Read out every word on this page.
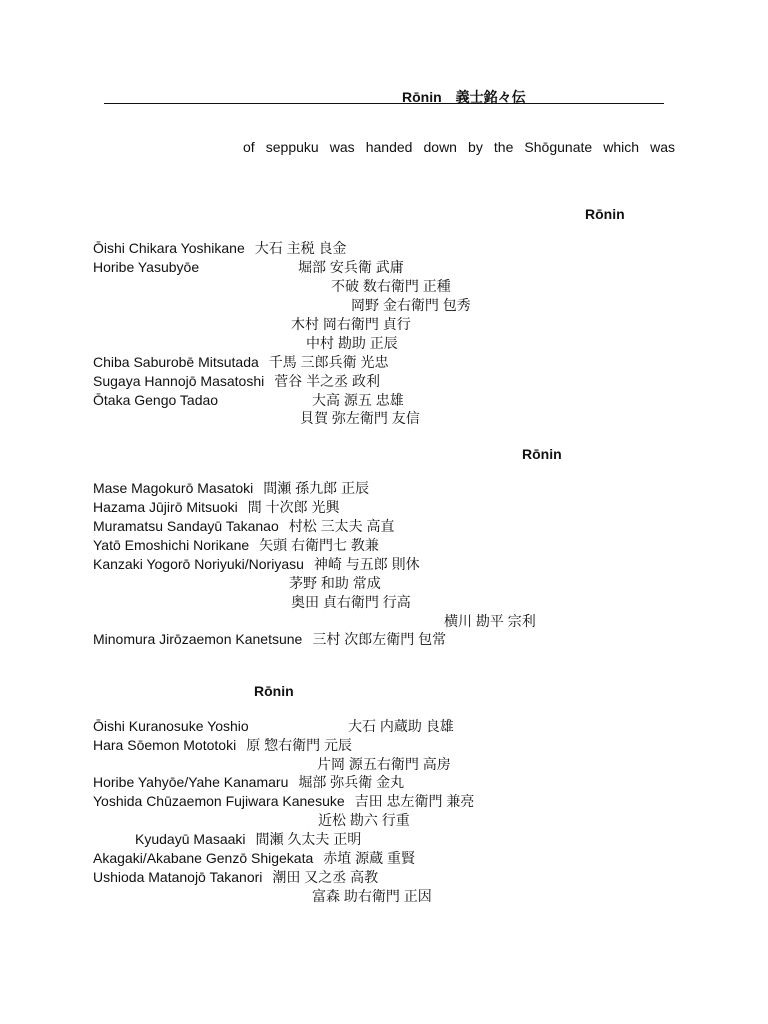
Rōnin 義士銘々伝
of seppuku was handed down by the Shōgunate which was
Rōnin
Ōishi Chikara Yoshikane 大石 主税 良金
Horibe Yasubyōe	堀部 安兵衛 武庸
不破 数右衛門 正種
岡野 金右衛門 包秀
木村 岡右衛門 貞行
中村 勘助 正辰
Chiba Saburobē Mitsutada 千馬 三郎兵衛 光忠
Sugaya Hannojō Masatoshi 菅谷 半之丞 政利
Ōtaka Gengo Tadao	大高 源五 忠雄
貝賀 弥左衛門 友信
Rōnin
Mase Magokurō Masatoki 間瀬 孫九郎 正辰
Hazama Jūjirō Mitsuoki 間 十次郎 光興
Muramatsu Sandayū Takanao 村松 三太夫 高直
Yatō Emoshichi Norikane 矢頭 右衛門七 教兼
Kanzaki Yogorō Noriyuki/Noriyasu 神崎 与五郎 則休
茅野 和助 常成
奥田 貞右衛門 行高
横川 勘平 宗利
Minomura Jirōzaemon Kanetsune 三村 次郎左衛門 包常
Rōnin
Ōishi Kuranosuke Yoshio	大石 内蔵助 良雄
Hara Sōemon Mototoki 原 惣右衛門 元辰
片岡 源五右衛門 高房
Horibe Yahyōe/Yahe Kanamaru 堀部 弥兵衛 金丸
Yoshida Chūzaemon Fujiwara Kanesuke 吉田 忠左衛門 兼亮
近松 勘六 行重
Kyudayū Masaaki 間瀬 久太夫 正明
Akagaki/Akabane Genzō Shigekata 赤埴 源蔵 重賢
Ushioda Matanojō Takanori 潮田 又之丞 高教
富森 助右衛門 正因
